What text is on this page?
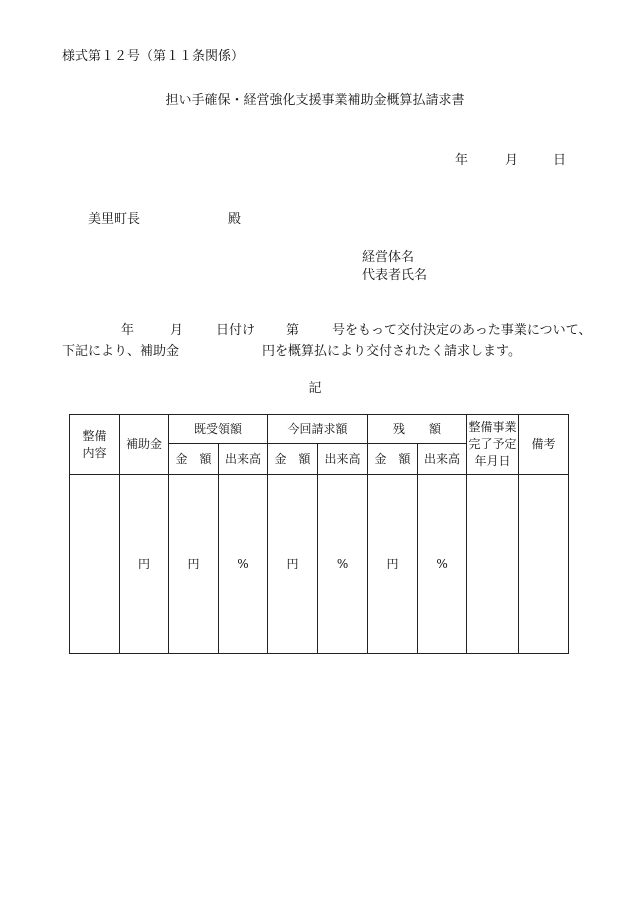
様式第１２号（第１１条関係）
担い手確保・経営強化支援事業補助金概算払請求書
年	月	日
美里町長	殿
経営体名
代表者氏名
年	月	日付け 第	号をもって交付決定のあった事業について、
下記により、補助金	円を概算払により交付されたく請求します。
記
整備
内容	補助金	既受領額		今回請求額		残　　額		整備事業
完了予定
年月日	備考
		金　額	出来高	金　額	出来高	金　額	出来高		
	円	円	%	円	%	円	%		
